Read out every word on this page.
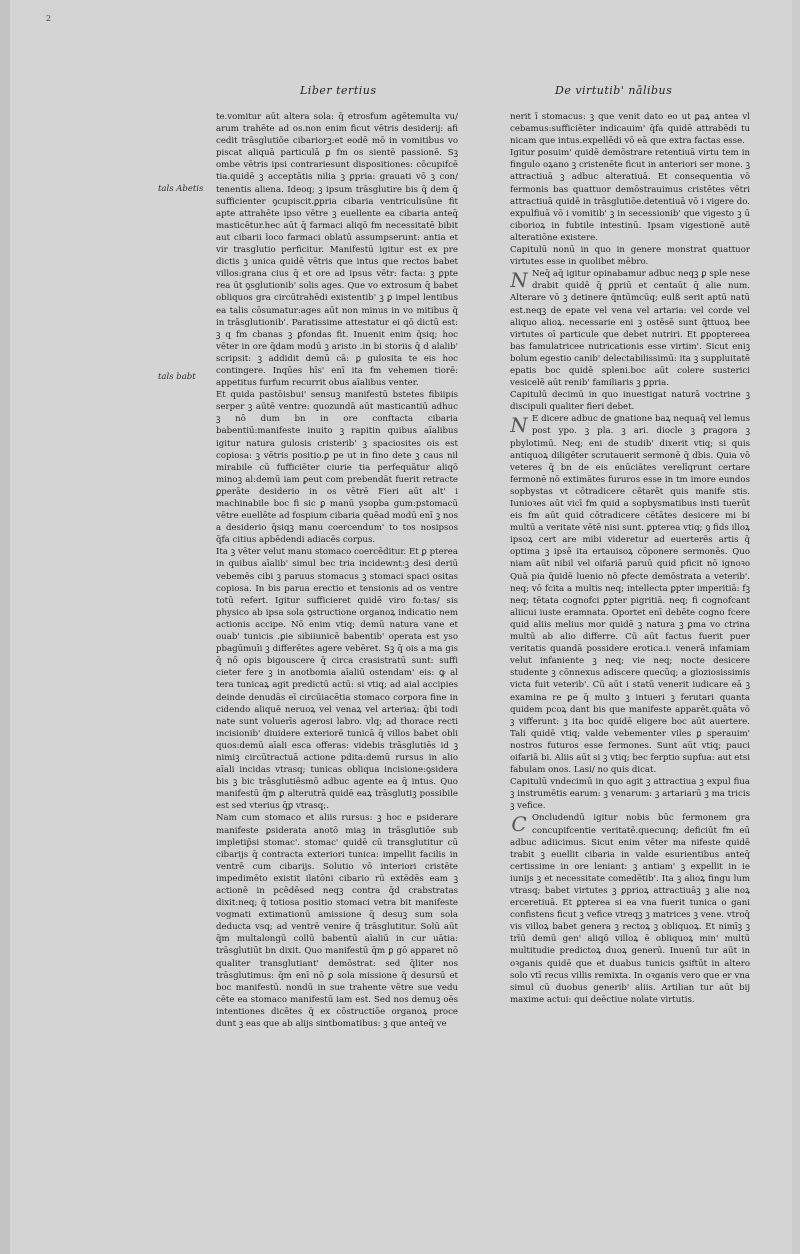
2
Liber tertius	De virtutib' nālibus
tals Abetis
tals babt

te.vomitur aūt altera sola: q̄ etrosfum agētemulta vu/ arum trahēte ad os.non enim ficut vētris desiderij: afi cedit trāsglutiōe cibariorꝫ:et eodē mō in vomitibus vo piscat aliquā particulā ꝑ fm os sientē passionē. Sꝫ ombe vētris ipsi contrariesunt dispositiones: cōcupifcē tia.quidē ꝫ acceptātis nilia ꝫ ꝑpria: grauati vō ꝫ con/ tenentis aliena. Ideoq; ꝫ ipsum trāsglutire bis q̄ dem q̄ sufficienter ꝯcupiscit.ꝑpria cibaria ventriculisūne fit apte attrahēte ipso vētre ꝫ euellente ea cibaria anteq̄ masticētur.hec aūt q̄ farmaci aliqō fm necessitatē bibit aut cibarii loco farmaci oblatū assumpserunt: antia et vir trasglutio perficitur. Manifestū igitur est ex pre dictis ꝫ unica quidē vētris que intus que rectos babet villos:grana cius q̄ et ore ad ipsus vētr: facta: ꝫ ꝑpte rea ūt ꝯsglutionib' solis ages. Que vo extrosum q̄ babet obliquos gra circūtrahēdi existentib' ꝫ ꝑ impel lentibus ea talis cōsumatur:ages aūt non minus in vo mitibus q̄ in trāsglutionib'. Paratissime attestatur ei qō dictū est: ꝫ q fm cbanas ꝫ ꝑfondas fit. Inuenit enim q̄siq; hoc vēter in ore q̄dam modū ꝫ aristo .in bi storiis q̄ d alalib' scripsit: ꝫ addidit demū cā: ꝑ gulosita te eis hoc contingere. Inqūes hīs' enī ita fm vehemen tiorē: appetitus furfum recurrit obus aīalibus venter.

Et quida pastōisbui' sensuꝫ manifestū bstetes fibiipis serper ꝫ aūtē ventre: quozundā aūt masticantiū adhuc ꝫ nō dum bn in ore conftacta cibaria babentiū:manifeste inuito ꝫ rapitin quibus aīalibus igitur natura gulosis cristerib' ꝫ spaciosites ois est copiosa: ꝫ vētris positio.ꝑ pe ut in fino dete ꝫ caus nil mirabile cū fufficiēter ciurie tia perfequātur aliqō minoꝫ al:demū iam ꝑeut com prebendāt fuerit retracte ꝑperāte desiderio in os vētrē Fieri aūt alt' i machinabile boc fi sic ꝑ manū ysopba gum:pstomacū vētre euellēte ad fospium cibaria quēad modū enī ꝫ nos a desiderio q̄siqꝫ manu coercendum' to tos nosipsos q̄fa citius apbēdendi adiacēs corpus.

Ita ꝫ vēter velut manu stomaco coercēditur. Et ꝑ pterea in quibus aīalib' simul bec tria incidewnt:ꝫ desi deriū vebemēs cibi ꝫ paruus stomacus ꝫ stomaci spaci ositas copiosa. In bis parua erectio et tensionis ad os ventre totū refert. Igitur sufficieret quidē viro fo:tas/ sis physico ab ipsa sola ꝯstructione organoꝝ indicatio nem actionis accipe. Nō enim vtiq; demū natura vane et ouab' tunicis .ꝑie sibiiunicē babentib' operata est yso pbagūmuīi ꝫ differētes agere vebēret. Sꝫ q̄ ois a ma gis q̄ nō opis bigouscere q̄ circa crasistratū sunt: suffi cieter fere ꝫ in anotbomia aīaliū ostendam' eis: ꝙ al tera tunicaꝝ agit predictū actū: si vtiq; ad aial accipies deinde denudās eī circūiacētia stomaco corpora fine in cidendo aliquē neruoꝝ vel venaꝝ vel arteriaꝝ: q̄bi todi nate sunt voluerīs agerosi labro. vlq; ad thorace recti incisionib' diuidere exteriorē tunicā q̄ villos babet obli quos:demū aīali esca offeras: videbis trāsglutiēs id ꝫ nimiꝫ circūtractuā actione pdita:demū rursus in alio aīali incidas vtrasq; tunicas obliqua incisione:ꝯsidera bis ꝫ bic trāsglutiēsmō adbuc agente ea q̄ intus. Quo manifestū q̄m ꝑ alterutrā quidē eaꝝ trāsglutiꝫ possibile est sed vterius q̄ꝑ vtrasq;.

Nam cum stomaco et aliis rursus: ꝫ hoc e psiderare manifeste ꝑsiderata anotō miaꝫ in trāsglutiōe sub impletip̄si stomac'. stomac' quidē cū transglutitur cū cibarijs q̄ contracta exteriori tunica: impellit facilis in ventrē cum cibarijs. Solutio vō interiori cristēte impedimēto existit ilatōni cibario rū extēdēs eam ꝫ actionē in pcēdēsed neqꝫ contra q̄d crabstratas dixit:neq; q̄ totiosa positio stomaci vetra bit manifeste vogmati extimationū amissione q̄ desuꝫ sum sola deducta vsq; ad ventrē venire q̄ trāsglutitur. Solū aūt q̄m multalongū collū babentū aīaliū in cur uātia: trāsglutiūt bn dixit. Quo manifestū q̄m ꝑ gō apparet nō qualiter transglutiant' demōstrat: sed q̄liter nos trāsglutimus: q̄m enī nō ꝑ sola missione q̄ desursū et boc manifestū. nondū in sue trahente vētre sue vedu cēte ea stomaco manifestū iam est. Sed nos demuꝫ oēs intentiones dicētes q̄ ex cōstructiōe organoꝝ proce dunt ꝫ eas que ab alijs sintbomatibus: ꝫ que anteq̄ ve

nerit ī stomacus: ꝫ que venit dato eo ut ꝑaꝝ antea vl cebamus:sufficiēter indicauim' q̄fa quidē attrabēdi tu nicam que intus.expellēdi vō eā que extra factas esse.

Igitur ꝑosuim' quidē demōstrare retentiuā virtu tem in fingulo oꝝano ꝫ cristenēte ficut in anteriori ser mone. ꝫ attractiuā ꝫ adbuc alteratiuā. Et consequentia vō fermonis bas quattuor demōstrauimus cristētes vētri attractiuā quidē in trāsglutiōe.detentiuā vō i vigere do. expulfiuā vō i vomitib' ꝫ in secessionib' que vigesto ꝫ ū ciborioꝝ in fubtile intestinū. Ipsam vigestionē autē alteratiōne existere.

Capitulū nonū in quo in genere monstrat quattuor virtutes esse in quolibet mēbro.

N Neq̄ aq̄ igitur opinabamur adbuc neqꝫ ꝑ sple nese drabit quidē q̄ ꝑpriū et centaūt q̄ alie num. Alterare vō ꝫ detinere q̄ntūmcūq; eulß serit aptū natū est.neqꝫ de epate vel vena vel artaria: vel corde vel aliquo alioꝝ. necessarie eni ꝫ ostēsē sunt q̄ttuoꝝ bee virtutes oī particule que debet nutriri. Et ꝑpoptereea bas famulatricee nutricationis esse virtim'. Sicut eniꝫ bolum egestio canib' delectabilissimū: ita ꝫ suppluitatē epatis boc quidē spleni.boc aūt colere susterici vesicelē aūt renib' familiaris ꝫ ꝑpria.

Capitulū decimū in quo inuestigat naturā voctrine ꝫ discipuli qualiter fieri debet.

N E dicere adbuc de gnatione baꝝ nequaq̄ vel lemus post ypo. ꝫ pla. ꝫ ari. diocle ꝫ ꝑragora ꝫ pbylotimū. Neq; eni de studib' dixerit vtiq; si quis antiquoꝝ diligēter scrutauerit sermonē q̄ dbis. Quia vō veteres q̄ bn de eis enūciātes verelīqrunt certare fermonē nō extimātes fururos esse in tm imore eundos sopbystas vt cōtradicere cētarēt quis manife stis. Iunioꝛes aūt vicī fm quid a sopbysmatibus insti tuerūt eis fm aūt quid cōtradicere cētātes desicere mi bi multū a veritate vētē nisi sunt. ꝑpterea vtiq; ꝯ fids illoꝝ ipsoꝝ cert are mibi videretur ad euerterēs artis q̄ optima ꝫ ipsē ita ertauisoꝝ cōponere sermonēs. Quo niam aūt nibil vel oifariā paruū quid pficit nō ignoꝛo Quā pia q̄uidē luenio nō ꝑfecte demōstrata a veterib'. neq; vō fcita a multis neq; intellecta ꝑpter imperitiā: fꝫ neq; tētata cognofci ꝑpter pigritiā. neq; fi cognofcant aliicui iuste eramnata. Oportet enī debēte cogno fcere quid aliis melius mor quidē ꝫ natura ꝫ ꝑma vo ctrina multū ab alio differre. Cū aūt factus fuerit puer veritatis quandā possidere erotica.i. venerā infamiam velut infaniente ꝫ neq; vie neq; nocte desicere studente ꝫ cōnnexus adiscere quecūq; a gloziosissimis victa fuit veterib'. Cū aūt i statū venerit iudicare eā ꝫ examina re ꝑe q̄ multo ꝫ intueri ꝫ ferutari quanta quidem pcoꝝ dant bis que manifeste apparēt.quāta vō ꝫ vifferunt: ꝫ ita boc quidē eligere boc aūt auertere. Tali quidē vtiq; valde vebementer viles ꝑ sperauim' nostros futuros esse fermones. Sunt aūt vtiq; pauci oifariā bi. Aliis aūt si ꝫ vtiq; bec ferptio supfua: aut etsi fabulam onos. Lasi/ no quis dicat.

Capitulū vndecimū in quo agit ꝫ attractiua ꝫ expul fiua ꝫ instrumētis earum: ꝫ venarum: ꝫ artariarū ꝫ ma tricis ꝫ vefice.

C Oncludendū igitur nobis būc fermonem gra concupifcentie veritatē.quecunq; deficiūt fm eū adbuc adiicimus. Sicut enim vēter ma nifeste quidē trabit ꝫ euellit cibaria in valde esurientibus anteq̄ certissime in ore leniant: ꝫ antiam' ꝫ expellit in ie iunijs ꝫ et necessitate comedētib'. Ita ꝫ alioꝝ fingu lum vtrasq; babet virtutes ꝫ ꝑprioꝝ attractiuāꝫ ꝫ alie noꝝ erceretiuā. Et ꝑpterea si ea vna fuerit tunica o gani confistens ficut ꝫ vefice vtreqꝫ ꝫ matrices ꝫ vene. vtroq̄ vis villoꝝ babet genera ꝫ rectoꝝ ꝫ obliquoꝝ. Et nimīꝫ ꝫ trīū demū gen' aliqō villoꝝ ē obliquoꝝ min' multū multitudie predictoꝝ duoꝝ generū. Inuenū tur aūt in oꝛganis quidē que et duabus tunicis ꝯsiftūt in altero solo vtī recus villis remixta. In oꝛganis vero que er vna simul cū duobus generib' aliis. Artilian tur aūt bij maxime actui: qui deēctiue nolate virtutis.
